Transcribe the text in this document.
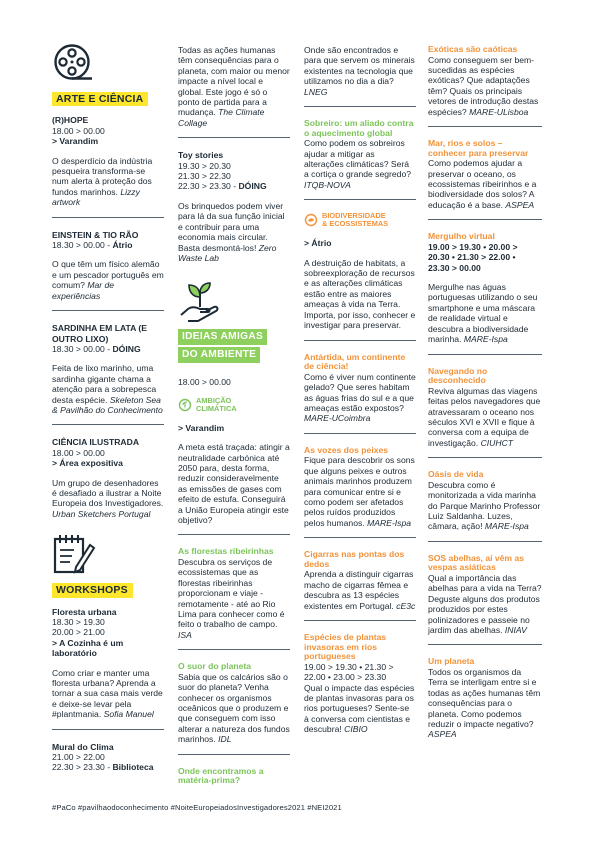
ARTE E CIÊNCIA

(R)HOPE

18.00 > 00.00

> Varandim

O desperdício da indústria pesqueira transforma-se num alerta à proteção dos fundos marinhos. Lizzy artwork

EINSTEIN & TIO RÃO

18.30 > 00.00 - Átrio

O que têm um físico alemão e um pescador português em comum? Mar de experiências

SARDINHA EM LATA (E OUTRO LIXO)

18.30 > 00.00 - DÓING

Feita de lixo marinho, uma sardinha gigante chama a atenção para a sobrepesca desta espécie. Skeleton Sea & Pavilhão do Conhecimento

CIÊNCIA ILUSTRADA

18.00 > 00.00

> Área expositiva

Um grupo de desenhadores é desafiado a ilustrar a Noite Europeia dos Investigadores. Urban Sketchers Portugal

WORKSHOPS

Floresta urbana

18.30 > 19.30

20.00 > 21.00

> A Cozinha é um laboratório

Como criar e manter uma floresta urbana? Aprenda a tornar a sua casa mais verde e deixe-se levar pela #plantmania. Sofia Manuel

Mural do Clima

21.00 > 22.00

22.30 > 23.30 - Biblioteca

Todas as ações humanas têm consequências para o planeta, com maior ou menor impacte a nível local e global. Este jogo é só o ponto de partida para a mudança. The Climate Collage

Toy stories

19.30 > 20.30

21.30 > 22.30

22.30 > 23.30 - DÓING

Os brinquedos podem viver para lá da sua função inicial e contribuir para uma economia mais circular. Basta desmontá-los! Zero Waste Lab

IDEIAS AMIGAS
DO AMBIENTE

18.00 > 00.00

AMBIÇÃO
CLIMÁTICA

> Varandim

A meta está traçada: atingir a neutralidade carbónica até 2050 para, desta forma, reduzir consideravelmente as emissões de gases com efeito de estufa. Conseguirá a União Europeia atingir este objetivo?

As florestas ribeirinhas

Descubra os serviços de ecossistemas que as florestas ribeirinhas proporcionam e viaje - remotamente - até ao Rio Lima para conhecer como é feito o trabalho de campo. ISA

O suor do planeta

Sabia que os calcários são o suor do planeta? Venha conhecer os organismos oceânicos que o produzem e que conseguem com isso alterar a natureza dos fundos marinhos. IDL

Onde encontramos a matéria-prima?

Onde são encontrados e para que servem os minerais existentes na tecnologia que utilizamos no dia a dia? LNEG

Sobreiro: um aliado contra o aquecimento global

Como podem os sobreiros ajudar a mitigar as alterações climáticas? Será a cortiça o grande segredo? ITQB-NOVA

BIODIVERSIDADE
& ECOSSISTEMAS

> Átrio

A destruição de habitats, a sobreexploração de recursos e as alterações climáticas estão entre as maiores ameaças à vida na Terra. Importa, por isso, conhecer e investigar para preservar.

Antártida, um continente de ciência!

Como é viver num continente gelado? Que seres habitam as águas frias do sul e a que ameaças estão expostos? MARE-UCoimbra

As vozes dos peixes

Fique para descobrir os sons que alguns peixes e outros animais marinhos produzem para comunicar entre si e como podem ser afetados pelos ruídos produzidos pelos humanos. MARE-Ispa

Cigarras nas pontas dos dedos

Aprenda a distinguir cigarras macho de cigarras fêmea e descubra as 13 espécies existentes em Portugal. cE3c

Espécies de plantas invasoras em rios portugueses

19.00 > 19.30 • 21.30 >

22.00 • 23.00 > 23.30

Qual o impacte das espécies de plantas invasoras para os rios portugueses? Sente-se à conversa com cientistas e descubra! CIBIO

Exóticas são caóticas

Como conseguem ser bem-sucedidas as espécies exóticas? Que adaptações têm? Quais os principais vetores de introdução destas espécies? MARE-ULisboa

Mar, rios e solos – conhecer para preservar

Como podemos ajudar a preservar o oceano, os ecossistemas ribeirinhos e a biodiversidade dos solos? A educação é a base. ASPEA

Mergulho virtual

19.00 > 19.30 • 20.00 >

20.30 • 21.30 > 22.00 •

23.30 > 00.00

Mergulhe nas águas portuguesas utilizando o seu smartphone e uma máscara de realidade virtual e descubra a biodiversidade marinha. MARE-Ispa

Navegando no desconhecido

Reviva algumas das viagens feitas pelos navegadores que atravessaram o oceano nos séculos XVI e XVII e fique à conversa com a equipa de investigação. CIUHCT

Oásis de vida

Descubra como é monitorizada a vida marinha do Parque Marinho Professor Luiz Saldanha. Luzes, câmara, ação! MARE-Ispa

SOS abelhas, aí vêm as vespas asiáticas

Qual a importância das abelhas para a vida na Terra? Deguste alguns dos produtos produzidos por estes polinizadores e passeie no jardim das abelhas. INIAV

Um planeta

Todos os organismos da Terra se interligam entre si e todas as ações humanas têm consequências para o planeta. Como podemos reduzir o impacte negativo? ASPEA

#PaCo #pavilhaodoconhecimento #NoiteEuropeiadosInvestigadores2021 #NEI2021
